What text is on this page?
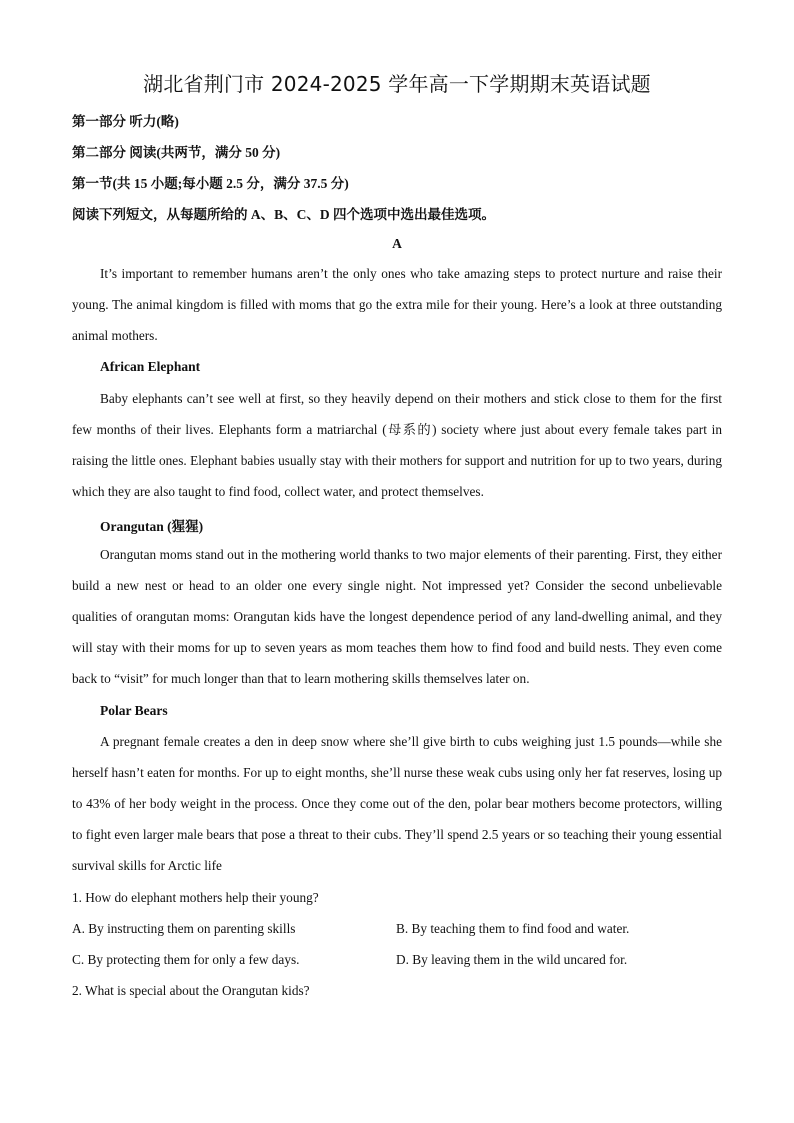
湖北省荆门市 2024-2025 学年高一下学期期末英语试题

第一部分 听力(略)

第二部分 阅读(共两节，满分 50 分)

第一节(共 15 小题;每小题 2.5 分，满分 37.5 分)

阅读下列短文，从每题所给的 A、B、C、D 四个选项中选出最佳选项。

A

It’s important to remember humans aren’t the only ones who take amazing steps to protect nurture and raise their young. The animal kingdom is filled with moms that go the extra mile for their young. Here’s a look at three outstanding animal mothers.

African Elephant

Baby elephants can’t see well at first, so they heavily depend on their mothers and stick close to them for the first few months of their lives. Elephants form a matriarchal (母系的) society where just about every female takes part in raising the little ones. Elephant babies usually stay with their mothers for support and nutrition for up to two years, during which they are also taught to find food, collect water, and protect themselves.

Orangutan (猩猩)

Orangutan moms stand out in the mothering world thanks to two major elements of their parenting. First, they either build a new nest or head to an older one every single night. Not impressed yet? Consider the second unbelievable qualities of orangutan moms: Orangutan kids have the longest dependence period of any land-dwelling animal, and they will stay with their moms for up to seven years as mom teaches them how to find food and build nests. They even come back to “visit” for much longer than that to learn mothering skills themselves later on.

Polar Bears

A pregnant female creates a den in deep snow where she’ll give birth to cubs weighing just 1.5 pounds—while she herself hasn’t eaten for months. For up to eight months, she’ll nurse these weak cubs using only her fat reserves, losing up to 43% of her body weight in the process. Once they come out of the den, polar bear mothers become protectors, willing to fight even larger male bears that pose a threat to their cubs. They’ll spend 2.5 years or so teaching their young essential survival skills for Arctic life

1. How do elephant mothers help their young?

A. By instructing them on parenting skills	B. By teaching them to find food and water.

C. By protecting them for only a few days.	D. By leaving them in the wild uncared for.

2. What is special about the Orangutan kids?
